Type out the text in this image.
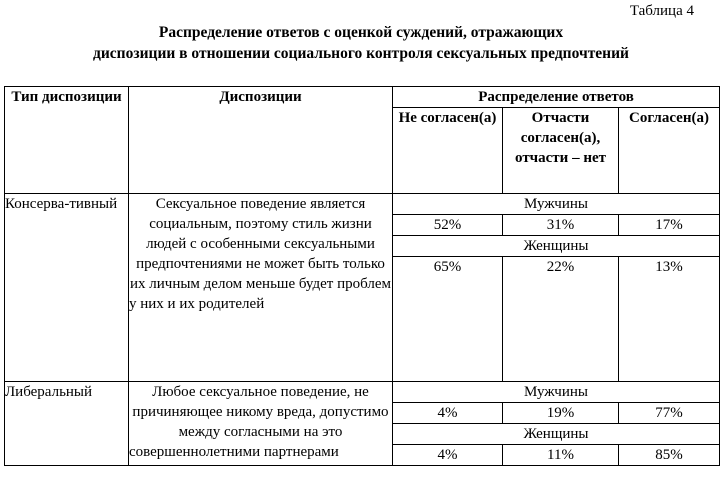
Таблица 4
Распределение ответов с оценкой суждений, отражающих
диспозиции в отношении социального контроля сексуальных предпочтений
Тип диспозиции	Диспозиции	Распределение ответов		
		Не согласен(а)	Отчасти согласен(а), отчасти – нет	Согласен(а)
Консерва-тивный	Сексуальное поведение является социальным, поэтому стиль жизни людей с особенными сексуальными предпочтениями не может быть только их личным делом меньше будет проблем у них и их родителей	Мужчины		
		52%	31%	17%
		Женщины		
		65%	22%	13%
Либеральный	Любое сексуальное поведение, не причиняющее никому вреда, допустимо между согласными на это совершеннолетними партнерами	Мужчины		
		4%	19%	77%
		Женщины		
		4%	11%	85%
